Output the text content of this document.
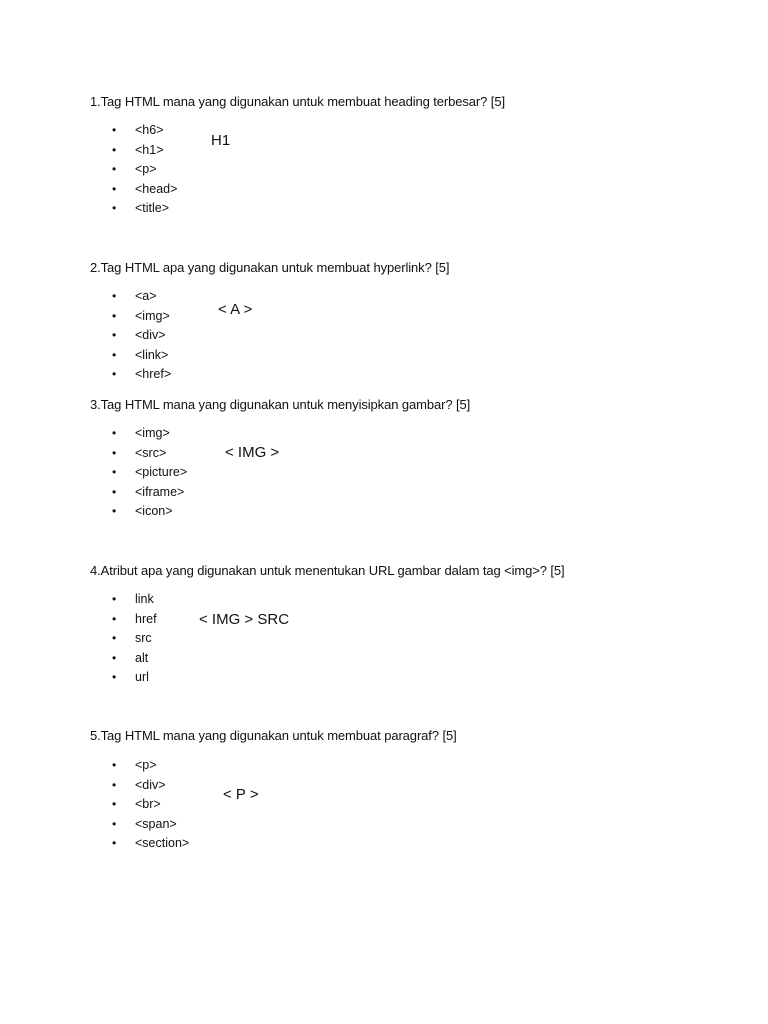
1.Tag HTML mana yang digunakan untuk membuat heading terbesar? [5]
• <h6>
• <h1>
• <p>
• <head>
• <title>
H1
2.Tag HTML apa yang digunakan untuk membuat hyperlink? [5]
• <a>
• <img>
• <div>
• <link>
• <href>
< A >
3.Tag HTML mana yang digunakan untuk menyisipkan gambar? [5]
• <img>
• <src>
• <picture>
• <iframe>
• <icon>
< IMG >
4.Atribut apa yang digunakan untuk menentukan URL gambar dalam tag <img>? [5]
• link
• href
• src
• alt
• url
< IMG > SRC
5.Tag HTML mana yang digunakan untuk membuat paragraf? [5]
• <p>
• <div>
• <br>
• <span>
• <section>
< P >
